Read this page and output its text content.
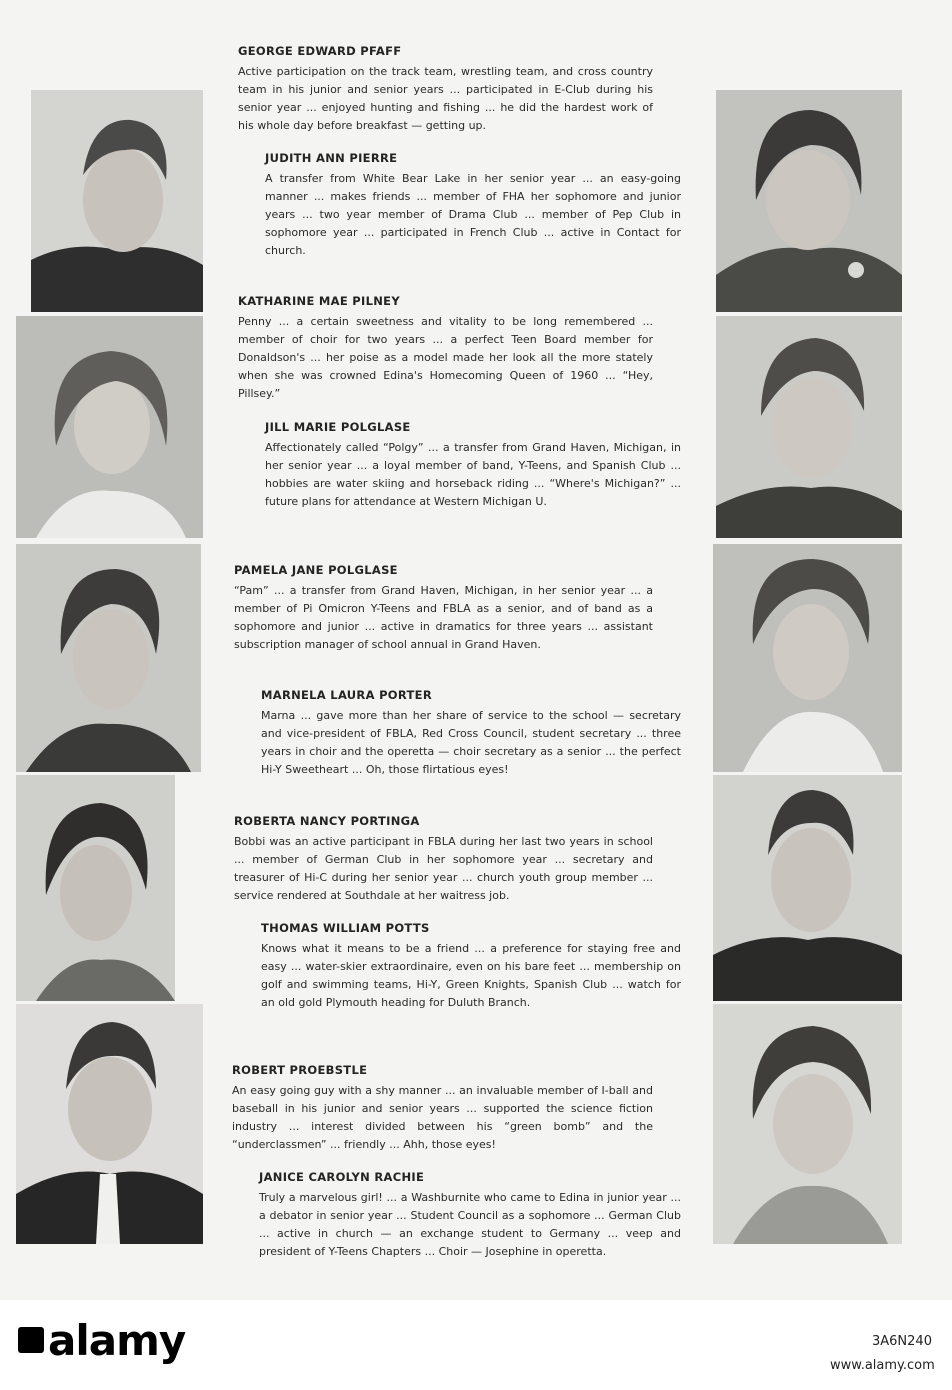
GEORGE EDWARD PFAFF

Active participation on the track team, wrestling team, and cross country team in his junior and senior years ... participated in E-Club during his senior year ... enjoyed hunting and fishing ... he did the hardest work of his whole day before breakfast — getting up.

JUDITH ANN PIERRE

A transfer from White Bear Lake in her senior year ... an easy-going manner ... makes friends ... member of FHA her sophomore and junior years ... two year member of Drama Club ... member of Pep Club in sophomore year ... participated in French Club ... active in Contact for church.

KATHARINE MAE PILNEY

Penny ... a certain sweetness and vitality to be long remembered ... member of choir for two years ... a perfect Teen Board member for Donaldson's ... her poise as a model made her look all the more stately when she was crowned Edina's Homecoming Queen of 1960 ... “Hey, Pillsey.”

JILL MARIE POLGLASE

Affectionately called “Polgy” ... a transfer from Grand Haven, Michigan, in her senior year ... a loyal member of band, Y-Teens, and Spanish Club ... hobbies are water skiing and horseback riding ... “Where's Michigan?” ... future plans for attendance at Western Michigan U.

PAMELA JANE POLGLASE

“Pam” ... a transfer from Grand Haven, Michigan, in her senior year ... a member of Pi Omicron Y-Teens and FBLA as a senior, and of band as a sophomore and junior ... active in dramatics for three years ... assistant subscription manager of school annual in Grand Haven.

MARNELA LAURA PORTER

Marna ... gave more than her share of service to the school — secretary and vice-president of FBLA, Red Cross Council, student secretary ... three years in choir and the operetta — choir secretary as a senior ... the perfect Hi-Y Sweetheart ... Oh, those flirtatious eyes!

ROBERTA NANCY PORTINGA

Bobbi was an active participant in FBLA during her last two years in school ... member of German Club in her sophomore year ... secretary and treasurer of Hi-C during her senior year ... church youth group member ... service rendered at Southdale at her waitress job.

THOMAS WILLIAM POTTS

Knows what it means to be a friend ... a preference for staying free and easy ... water-skier extraordinaire, even on his bare feet ... membership on golf and swimming teams, Hi-Y, Green Knights, Spanish Club ... watch for an old gold Plymouth heading for Duluth Branch.

ROBERT PROEBSTLE

An easy going guy with a shy manner ... an invaluable member of I-ball and baseball in his junior and senior years ... supported the science fiction industry ... interest divided between his “green bomb” and the “underclassmen” ... friendly ... Ahh, those eyes!

JANICE CAROLYN RACHIE

Truly a marvelous girl! ... a Washburnite who came to Edina in junior year ... a debator in senior year ... Student Council as a sophomore ... German Club ... active in church — an exchange student to Germany ... veep and president of Y-Teens Chapters ... Choir — Josephine in operetta.

alamy	3A6N240
www.alamy.com
